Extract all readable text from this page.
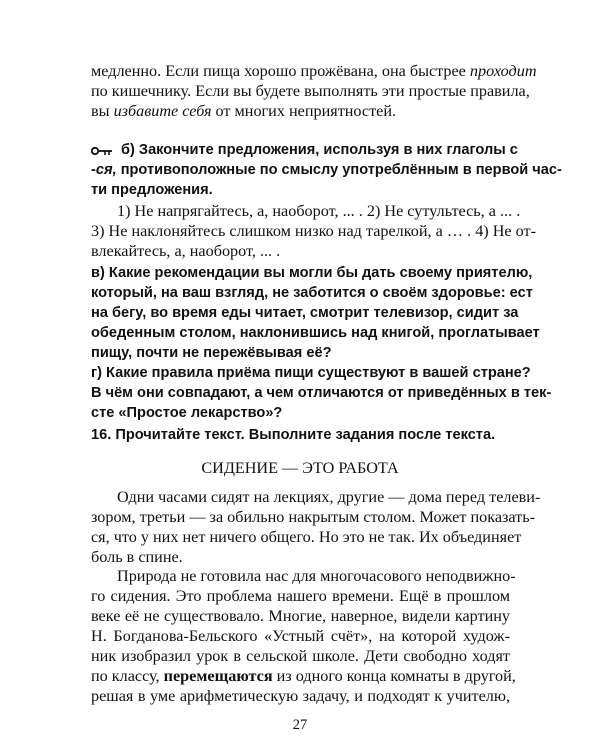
медленно. Если пища хорошо прожёвана, она быстрее проходит
по кишечнику. Если вы будете выполнять эти простые правила,
вы избавите себя от многих неприятностей.
б) Закончите предложения, используя в них глаголы с
-ся, противоположные по смыслу употреблённым в первой час-
ти предложения.
1) Не напрягайтесь, а, наоборот, ... . 2) Не сутультесь, а ... .
3) Не наклоняйтесь слишком низко над тарелкой, а … . 4) Не от-
влекайтесь, а, наоборот, ... .
в) Какие рекомендации вы могли бы дать своему приятелю,
который, на ваш взгляд, не заботится о своём здоровье: ест
на бегу, во время еды читает, смотрит телевизор, сидит за
обеденным столом, наклонившись над книгой, проглатывает
пищу, почти не пережёвывая её?
г) Какие правила приёма пищи существуют в вашей стране?
В чём они совпадают, а чем отличаются от приведённых в тек-
сте «Простое лекарство»?
16. Прочитайте текст. Выполните задания после текста.
СИДЕНИЕ — ЭТО РАБОТА
Одни часами сидят на лекциях, другие — дома перед телеви-
зором, третьи — за обильно накрытым столом. Может показать-
ся, что у них нет ничего общего. Но это не так. Их объединяет
боль в спине.
Природа не готовила нас для многочасового неподвижно-
го сидения. Это проблема нашего времени. Ещё в прошлом
веке её не существовало. Многие, наверное, видели картину
Н. Богданова-Бельского «Устный счёт», на которой худож-
ник изобразил урок в сельской школе. Дети свободно ходят
по классу, перемещаются из одного конца комнаты в другой,
решая в уме арифметическую задачу, и подходят к учителю,
27
